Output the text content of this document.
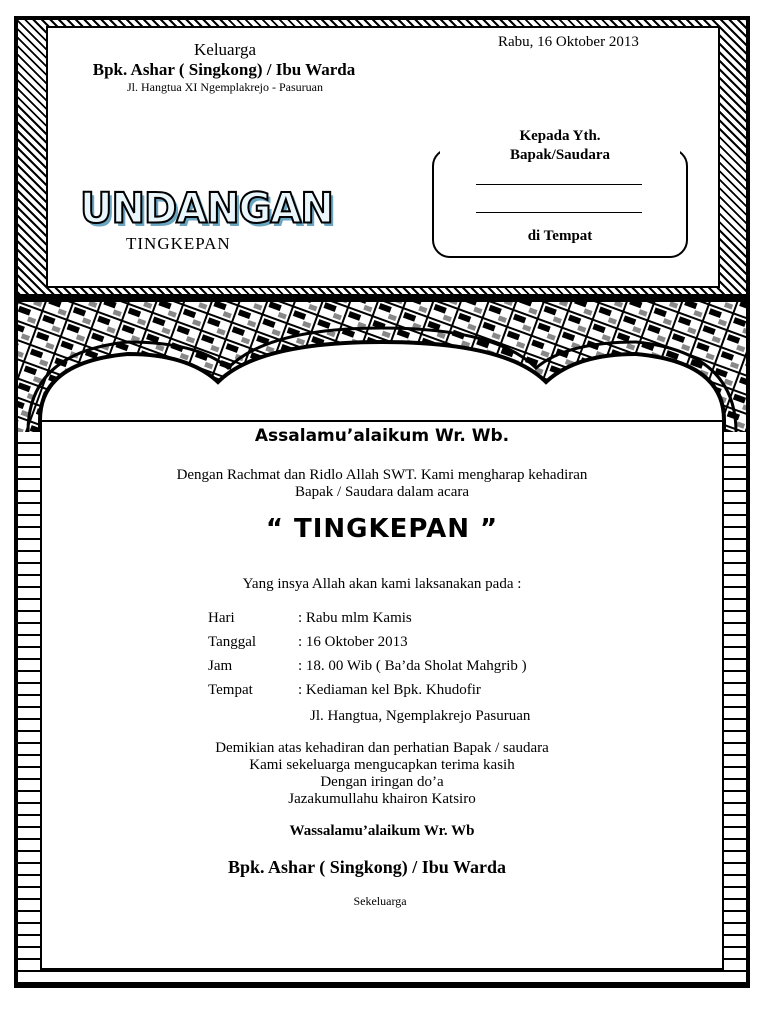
Keluarga
Bpk. Ashar ( Singkong) / Ibu Warda
Jl. Hangtua XI Ngemplakrejo - Pasuruan
Rabu, 16 Oktober 2013
UNDANGAN
TINGKEPAN
Kepada Yth.
Bapak/Saudara
di Tempat
Assalamu’alaikum Wr. Wb.
Dengan Rachmat dan Ridlo Allah SWT. Kami mengharap kehadiran
Bapak / Saudara dalam acara
“ TINGKEPAN ”
Yang insya Allah akan kami laksanakan pada :
Hari	: Rabu mlm Kamis
Tanggal	: 16 Oktober 2013
Jam	: 18. 00 Wib ( Ba’da Sholat Mahgrib )
Tempat	: Kediaman kel Bpk. Khudofir
Jl. Hangtua, Ngemplakrejo Pasuruan
Demikian atas kehadiran dan perhatian Bapak / saudara
Kami sekeluarga mengucapkan terima kasih
Dengan iringan do’a
Jazakumullahu khairon Katsiro
Wassalamu’alaikum Wr. Wb
Bpk. Ashar ( Singkong) / Ibu Warda
Sekeluarga
